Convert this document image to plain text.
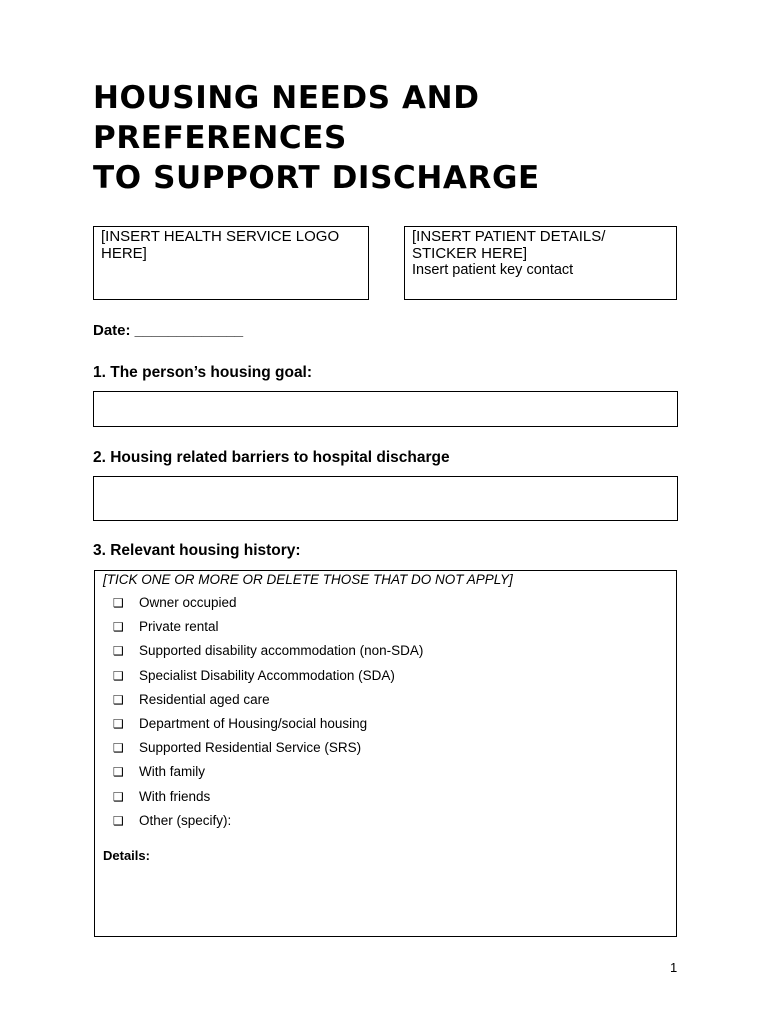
HOUSING NEEDS AND
PREFERENCES
TO SUPPORT DISCHARGE
[INSERT HEALTH SERVICE LOGO HERE]
[INSERT PATIENT DETAILS/ STICKER HERE]
Insert patient key contact
Date: _____________
1. The person’s housing goal:
2. Housing related barriers to hospital discharge
3. Relevant housing history:
[TICK ONE OR MORE OR DELETE THOSE THAT DO NOT APPLY]
❑	Owner occupied
❑	Private rental
❑	Supported disability accommodation (non-SDA)
❑	Specialist Disability Accommodation (SDA)
❑	Residential aged care
❑	Department of Housing/social housing
❑	Supported Residential Service (SRS)
❑	With family
❑	With friends
❑	Other (specify):
Details:
1
